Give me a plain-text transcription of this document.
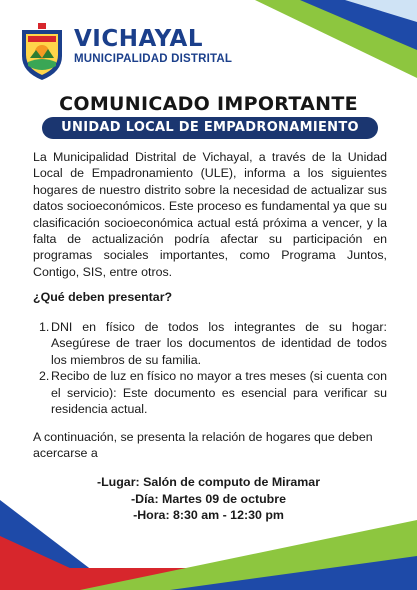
VICHAYAL
MUNICIPALIDAD DISTRITAL
COMUNICADO IMPORTANTE
UNIDAD LOCAL DE EMPADRONAMIENTO

La Municipalidad Distrital de Vichayal, a través de la Unidad Local de Empadronamiento (ULE), informa a los siguientes hogares de nuestro distrito sobre la necesidad de actualizar sus datos socioeconómicos. Este proceso es fundamental ya que su clasificación socioeconómica actual está próxima a vencer, y la falta de actualización podría afectar su participación en programas sociales importantes, como Programa Juntos, Contigo, SIS, entre otros.

¿Qué deben presentar?

1. DNI en físico de todos los integrantes de su hogar: Asegúrese de traer los documentos de identidad de todos los miembros de su familia.
2. Recibo de luz en físico no mayor a tres meses (si cuenta con el servicio): Este documento es esencial para verificar su residencia actual.

A continuación, se presenta la relación de hogares que deben acercarse a

-Lugar: Salón de computo de Miramar
-Día: Martes 09 de octubre
-Hora: 8:30 am - 12:30 pm
